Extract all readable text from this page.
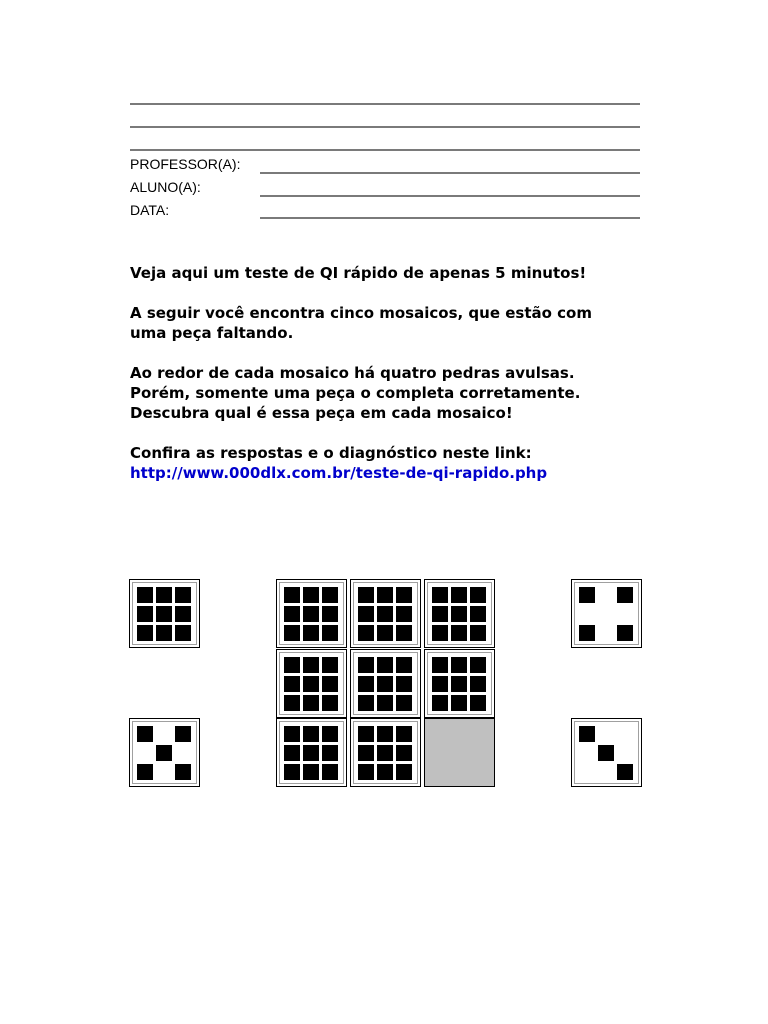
PROFESSOR(A):
ALUNO(A):
DATA:

Veja aqui um teste de QI rápido de apenas 5 minutos!

A seguir você encontra cinco mosaicos, que estão com
uma peça faltando.

Ao redor de cada mosaico há quatro pedras avulsas.
Porém, somente uma peça o completa corretamente.
Descubra qual é essa peça em cada mosaico!

Confira as respostas e o diagnóstico neste link:
http://www.000dlx.com.br/teste-de-qi-rapido.php
